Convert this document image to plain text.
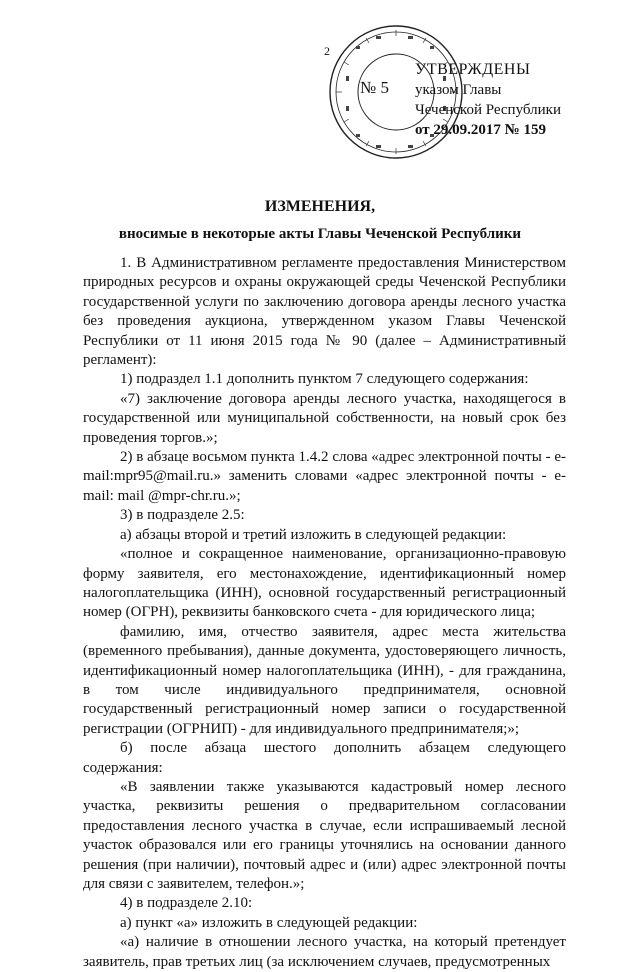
2
№ 5
УТВЕРЖДЕНЫ
указом Главы
Чеченской Республики
от 29.09.2017 № 159
ИЗМЕНЕНИЯ,
вносимые в некоторые акты Главы Чеченской Республики

1. В Административном регламенте предоставления Министерством природных ресурсов и охраны окружающей среды Чеченской Республики государственной услуги по заключению договора аренды лесного участка без проведения аукциона, утвержденном указом Главы Чеченской Республики от 11 июня 2015 года № 90 (далее – Административный регламент):

1) подраздел 1.1 дополнить пунктом 7 следующего содержания:

«7) заключение договора аренды лесного участка, находящегося в государственной или муниципальной собственности, на новый срок без проведения торгов.»;

2) в абзаце восьмом пункта 1.4.2 слова «адрес электронной почты - e-mail:mpr95@mail.ru.» заменить словами «адрес электронной почты - e-mail: mail @mpr-chr.ru.»;

3) в подразделе 2.5:

а) абзацы второй и третий изложить в следующей редакции:

«полное и сокращенное наименование, организационно-правовую форму заявителя, его местонахождение, идентификационный номер налогоплательщика (ИНН), основной государственный регистрационный номер (ОГРН), реквизиты банковского счета - для юридического лица;

фамилию, имя, отчество заявителя, адрес места жительства (временного пребывания), данные документа, удостоверяющего личность, идентификационный номер налогоплательщика (ИНН), - для гражданина, в том числе индивидуального предпринимателя, основной государственный регистрационный номер записи о государственной регистрации (ОГРНИП) - для индивидуального предпринимателя;»;

б) после абзаца шестого дополнить абзацем следующего содержания:

«В заявлении также указываются кадастровый номер лесного участка, реквизиты решения о предварительном согласовании предоставления лесного участка в случае, если испрашиваемый лесной участок образовался или его границы уточнялись на основании данного решения (при наличии), почтовый адрес и (или) адрес электронной почты для связи с заявителем, телефон.»;

4) в подразделе 2.10:

а) пункт «а» изложить в следующей редакции:

«а) наличие в отношении лесного участка, на который претендует заявитель, прав третьих лиц (за исключением случаев, предусмотренных
